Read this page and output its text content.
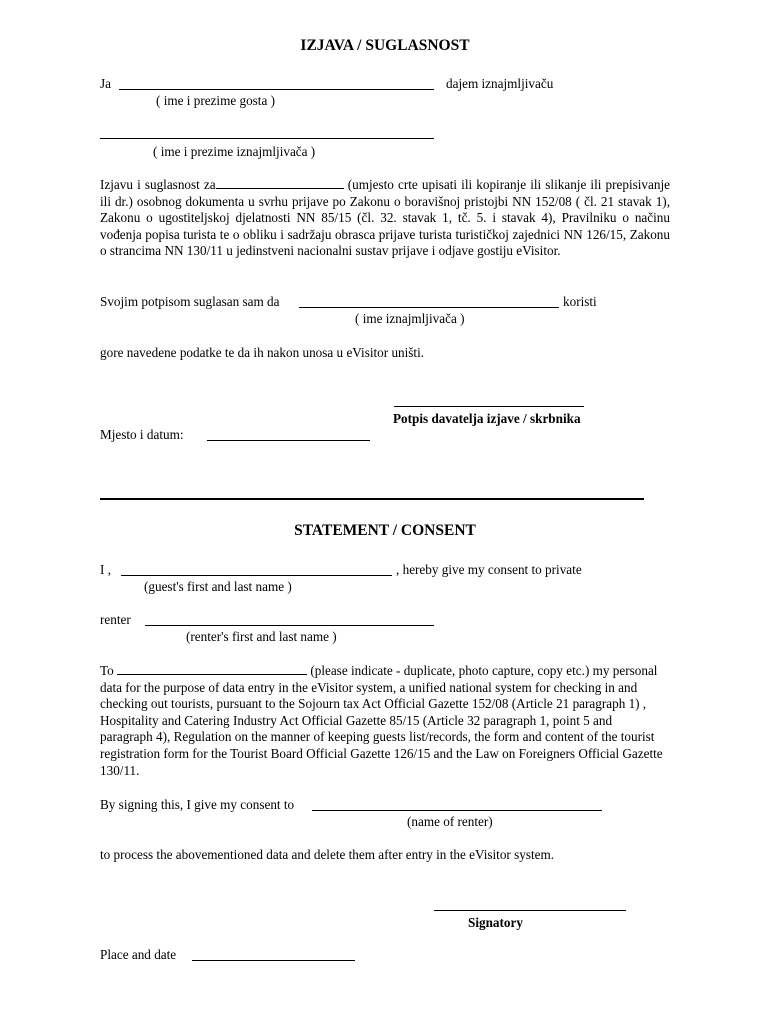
IZJAVA / SUGLASNOST
Ja	dajem iznajmljivaču
( ime i prezime gosta )
( ime i prezime iznajmljivača )
Izjavu i suglasnost za	(umjesto crte upisati ili kopiranje ili slikanje ili prepisivanje ili dr.) osobnog dokumenta u svrhu prijave po Zakonu o boravišnoj pristojbi NN 152/08 ( čl. 21 stavak 1), Zakonu o ugostiteljskoj djelatnosti NN 85/15 (čl. 32. stavak 1, tč. 5. i stavak 4), Pravilniku o načinu vođenja popisa turista te o obliku i sadržaju obrasca prijave turista turističkoj zajednici NN 126/15, Zakonu o strancima NN 130/11 u jedinstveni nacionalni sustav prijave i odjave gostiju eVisitor.
Svojim potpisom suglasan sam da	koristi
( ime iznajmljivača )
gore navedene podatke te da ih nakon unosa u eVisitor uništi.
Potpis davatelja izjave / skrbnika
Mjesto i datum:
STATEMENT / CONSENT
I ,	, hereby give my consent to private
(guest's first and last name )
renter
(renter's first and last name )
To	(please indicate - duplicate, photo capture, copy etc.) my personal data for the purpose of data entry in the eVisitor system, a unified national system for checking in and checking out tourists, pursuant to the Sojourn tax Act Official Gazette 152/08 (Article 21 paragraph 1) , Hospitality and Catering Industry Act Official Gazette 85/15 (Article 32 paragraph 1, point 5 and paragraph 4), Regulation on the manner of keeping guests list/records, the form and content of the tourist registration form for the Tourist Board Official Gazette 126/15 and the Law on Foreigners Official Gazette 130/11.
By signing this, I give my consent to
(name of renter)
to process the abovementioned data and delete them after entry in the eVisitor system.
Signatory
Place and date
